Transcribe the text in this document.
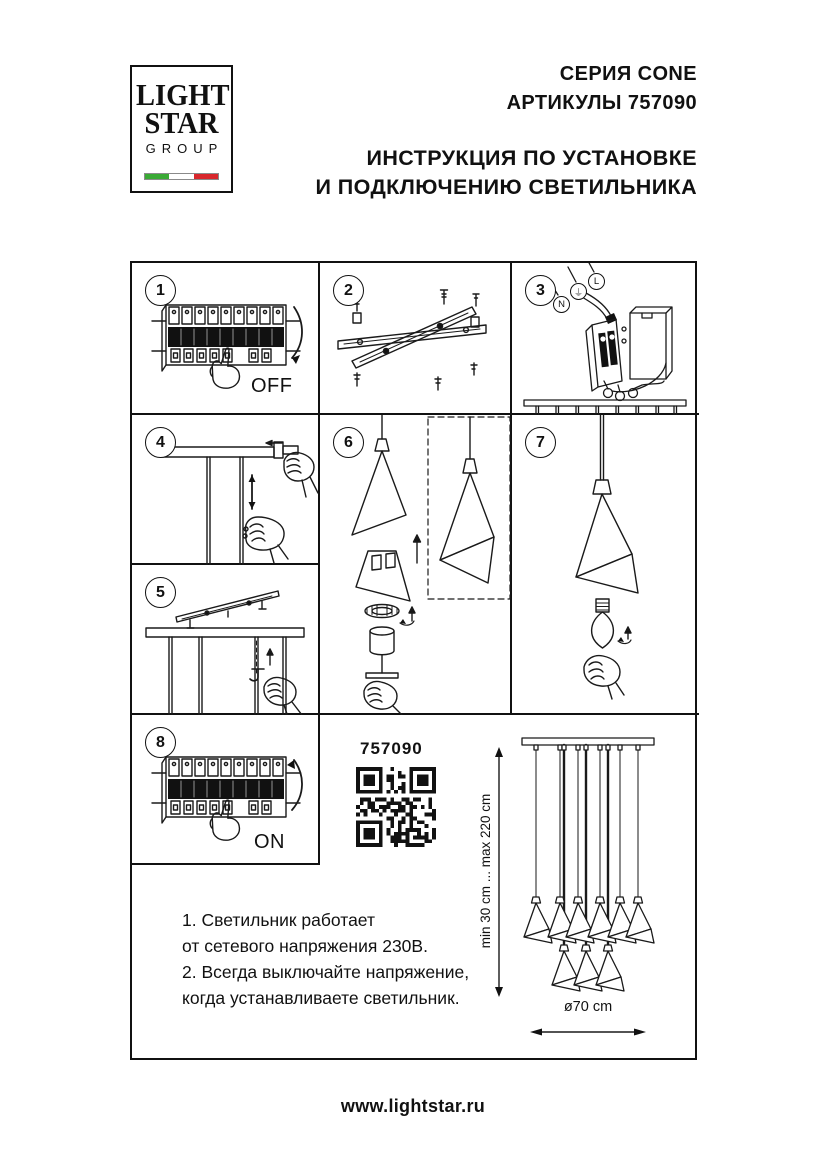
LIGHT
STAR
GROUP
СЕРИЯ CONE
АРТИКУЛЫ 757090
ИНСТРУКЦИЯ ПО УСТАНОВКЕ
И ПОДКЛЮЧЕНИЮ СВЕТИЛЬНИКА
1
OFF
2	3
N
⏚
L
4
5
6	7
8
ON
757090
1. Светильник работает
от сетевого напряжения 230В.
2. Всегда выключайте напряжение,
когда устанавливаете светильник.
min 30 cm ... max 220 cm
ø70 cm
www.lightstar.ru
